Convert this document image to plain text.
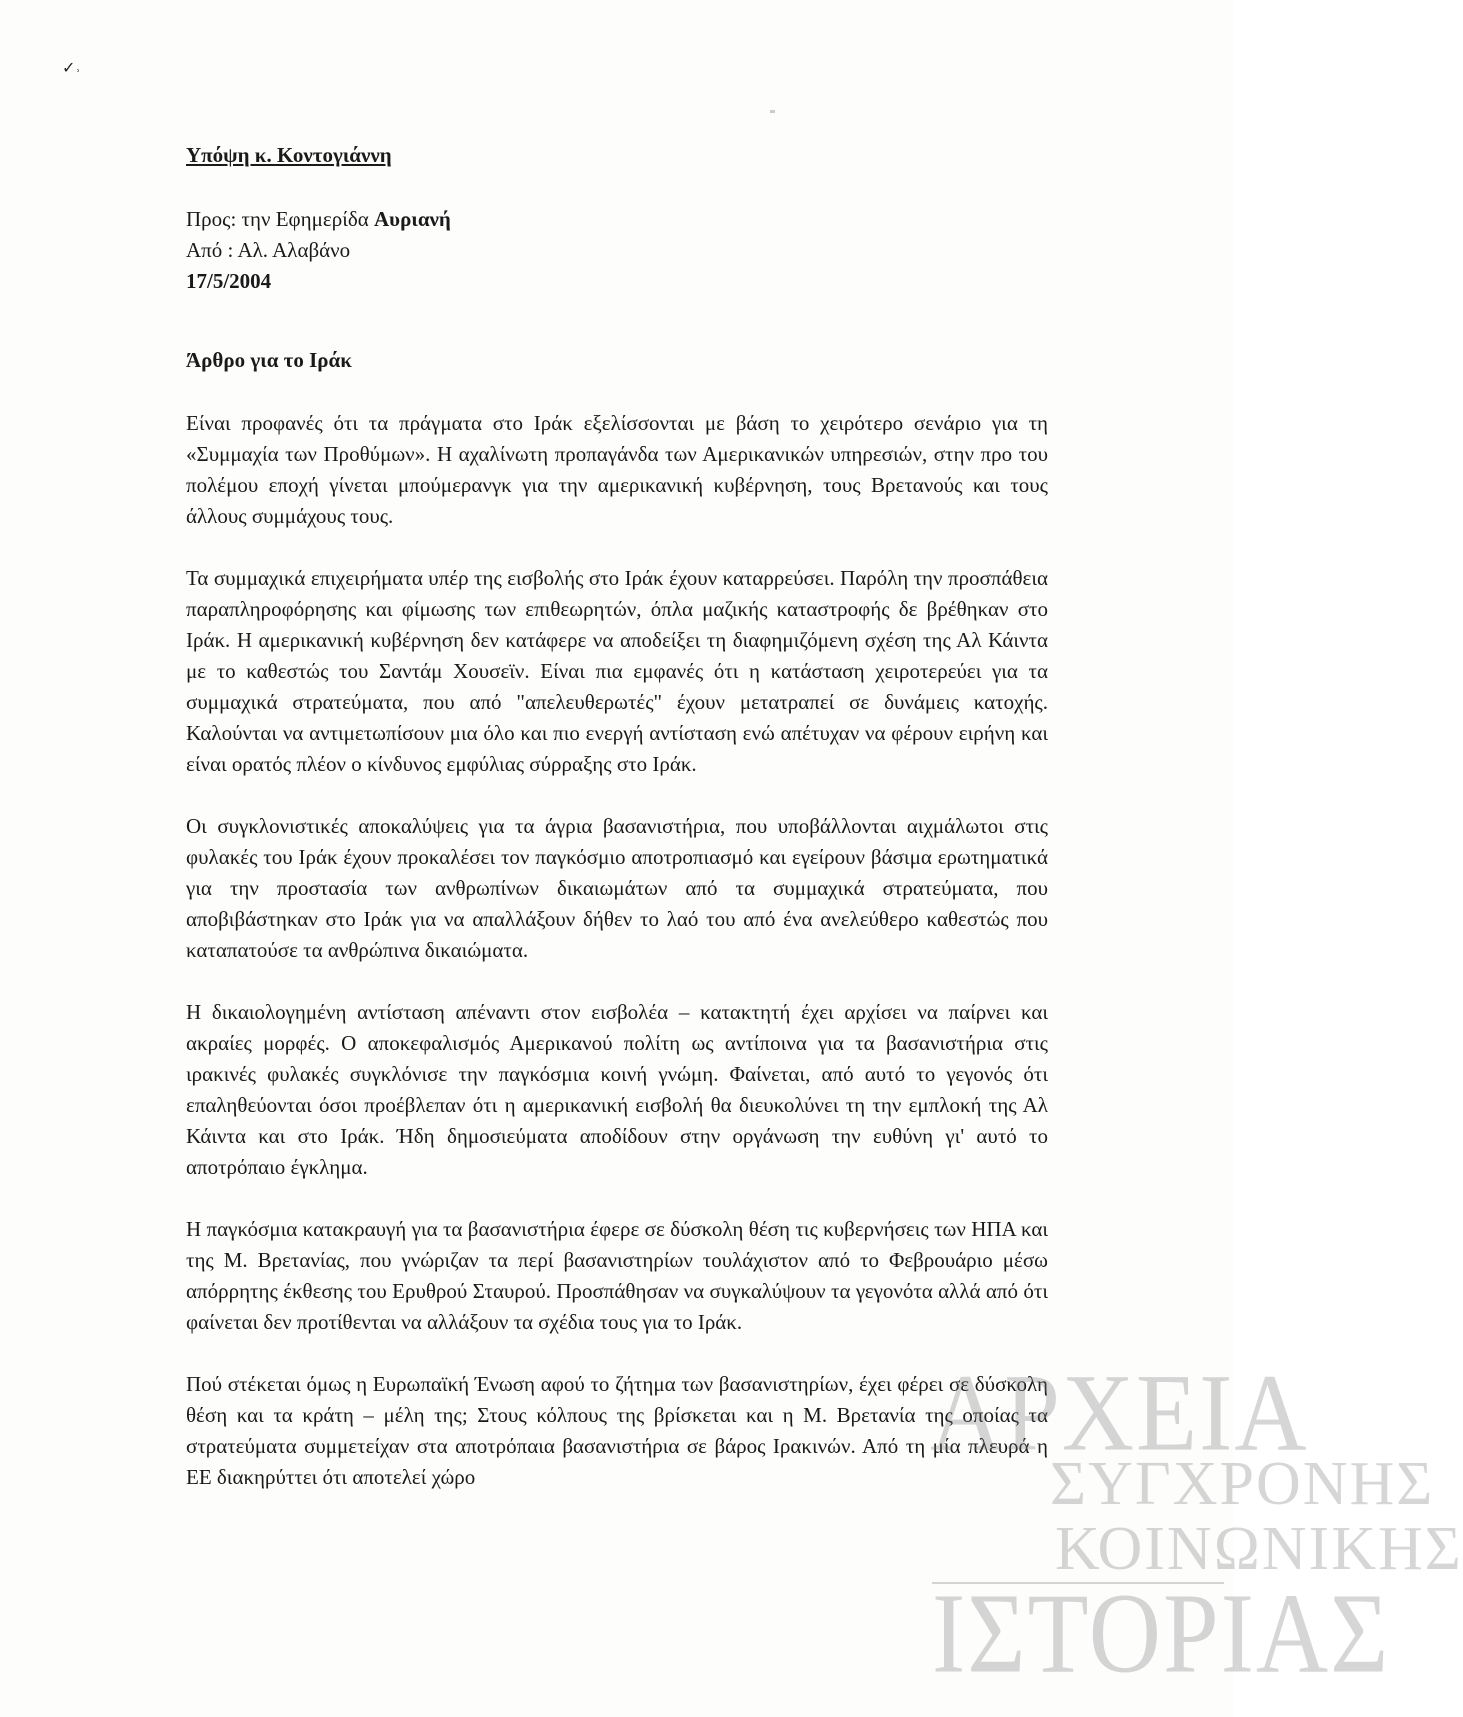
✓˒

Υπόψη κ. Κοντογιάννη

Προς: την Εφημερίδα Αυριανή

Από : Αλ. Αλαβάνο

17/5/2004

Άρθρο για το Ιράκ

Είναι προφανές ότι τα πράγματα στο Ιράκ εξελίσσονται με βάση το χειρότερο σενάριο για τη «Συμμαχία των Προθύμων». Η αχαλίνωτη προπαγάνδα των Αμερικανικών υπηρεσιών, στην προ του πολέμου εποχή γίνεται μπούμερανγκ για την αμερικανική κυβέρνηση, τους Βρετανούς και τους άλλους συμμάχους τους.

Τα συμμαχικά επιχειρήματα υπέρ της εισβολής στο Ιράκ έχουν καταρρεύσει. Παρόλη την προσπάθεια παραπληροφόρησης και φίμωσης των επιθεωρητών, όπλα μαζικής καταστροφής δε βρέθηκαν στο Ιράκ. Η αμερικανική κυβέρνηση δεν κατάφερε να αποδείξει τη διαφημιζόμενη σχέση της Αλ Κάιντα με το καθεστώς του Σαντάμ Χουσεϊν. Είναι πια εμφανές ότι η κατάσταση χειροτερεύει για τα συμμαχικά στρατεύματα, που από "απελευθερωτές" έχουν μετατραπεί σε δυνάμεις κατοχής. Καλούνται να αντιμετωπίσουν μια όλο και πιο ενεργή αντίσταση ενώ απέτυχαν να φέρουν ειρήνη και είναι ορατός πλέον ο κίνδυνος εμφύλιας σύρραξης στο Ιράκ.

Οι συγκλονιστικές αποκαλύψεις για τα άγρια βασανιστήρια, που υποβάλλονται αιχμάλωτοι στις φυλακές του Ιράκ έχουν προκαλέσει τον παγκόσμιο αποτροπιασμό και εγείρουν βάσιμα ερωτηματικά για την προστασία των ανθρωπίνων δικαιωμάτων από τα συμμαχικά στρατεύματα, που αποβιβάστηκαν στο Ιράκ για να απαλλάξουν δήθεν το λαό του από ένα ανελεύθερο καθεστώς που καταπατούσε τα ανθρώπινα δικαιώματα.

Η δικαιολογημένη αντίσταση απέναντι στον εισβολέα – κατακτητή έχει αρχίσει να παίρνει και ακραίες μορφές. Ο αποκεφαλισμός Αμερικανού πολίτη ως αντίποινα για τα βασανιστήρια στις ιρακινές φυλακές συγκλόνισε την παγκόσμια κοινή γνώμη. Φαίνεται, από αυτό το γεγονός ότι επαληθεύονται όσοι προέβλεπαν ότι η αμερικανική εισβολή θα διευκολύνει τη την εμπλοκή της Αλ Κάιντα και στο Ιράκ. Ήδη δημοσιεύματα αποδίδουν στην οργάνωση την ευθύνη γι' αυτό το αποτρόπαιο έγκλημα.

Η παγκόσμια κατακραυγή για τα βασανιστήρια έφερε σε δύσκολη θέση τις κυβερνήσεις των ΗΠΑ και της Μ. Βρετανίας, που γνώριζαν τα περί βασανιστηρίων τουλάχιστον από το Φεβρουάριο μέσω απόρρητης έκθεσης του Ερυθρού Σταυρού. Προσπάθησαν να συγκαλύψουν τα γεγονότα αλλά από ότι φαίνεται δεν προτίθενται να αλλάξουν τα σχέδια τους για το Ιράκ.

Πού στέκεται όμως η Ευρωπαϊκή Ένωση αφού το ζήτημα των βασανιστηρίων, έχει φέρει σε δύσκολη θέση και τα κράτη – μέλη της; Στους κόλπους της βρίσκεται και η Μ. Βρετανία της οποίας τα στρατεύματα συμμετείχαν στα αποτρόπαια βασανιστήρια σε βάρος Ιρακινών. Από τη μία πλευρά η ΕΕ διακηρύττει ότι αποτελεί χώρο

ΑΡΧΕΙΑ
ΣΥΓΧΡΟΝΗΣ
ΚΟΙΝΩΝΙΚΗΣ
ΙΣΤΟΡΙΑΣ
